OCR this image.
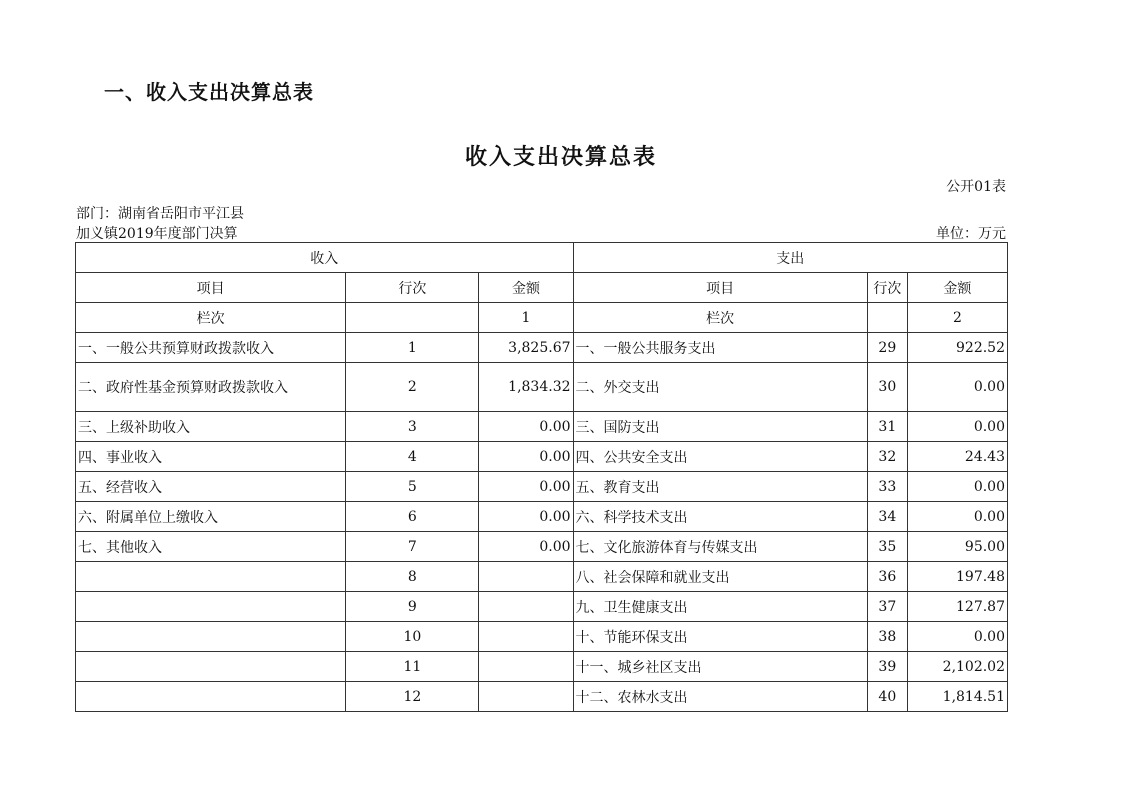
一、收入支出决算总表
收入支出决算总表
公开01表
部门：湖南省岳阳市平江县
加义镇2019年度部门决算	单位：万元
收入			支出		
项目	行次	金额	项目	行次	金额
栏次		1	栏次		2
一、一般公共预算财政拨款收入	1	3,825.67	一、一般公共服务支出	29	922.52
二、政府性基金预算财政拨款收入	2	1,834.32	二、外交支出	30	0.00
三、上级补助收入	3	0.00	三、国防支出	31	0.00
四、事业收入	4	0.00	四、公共安全支出	32	24.43
五、经营收入	5	0.00	五、教育支出	33	0.00
六、附属单位上缴收入	6	0.00	六、科学技术支出	34	0.00
七、其他收入	7	0.00	七、文化旅游体育与传媒支出	35	95.00
	8		八、社会保障和就业支出	36	197.48
	9		九、卫生健康支出	37	127.87
	10		十、节能环保支出	38	0.00
	11		十一、城乡社区支出	39	2,102.02
	12		十二、农林水支出	40	1,814.51
